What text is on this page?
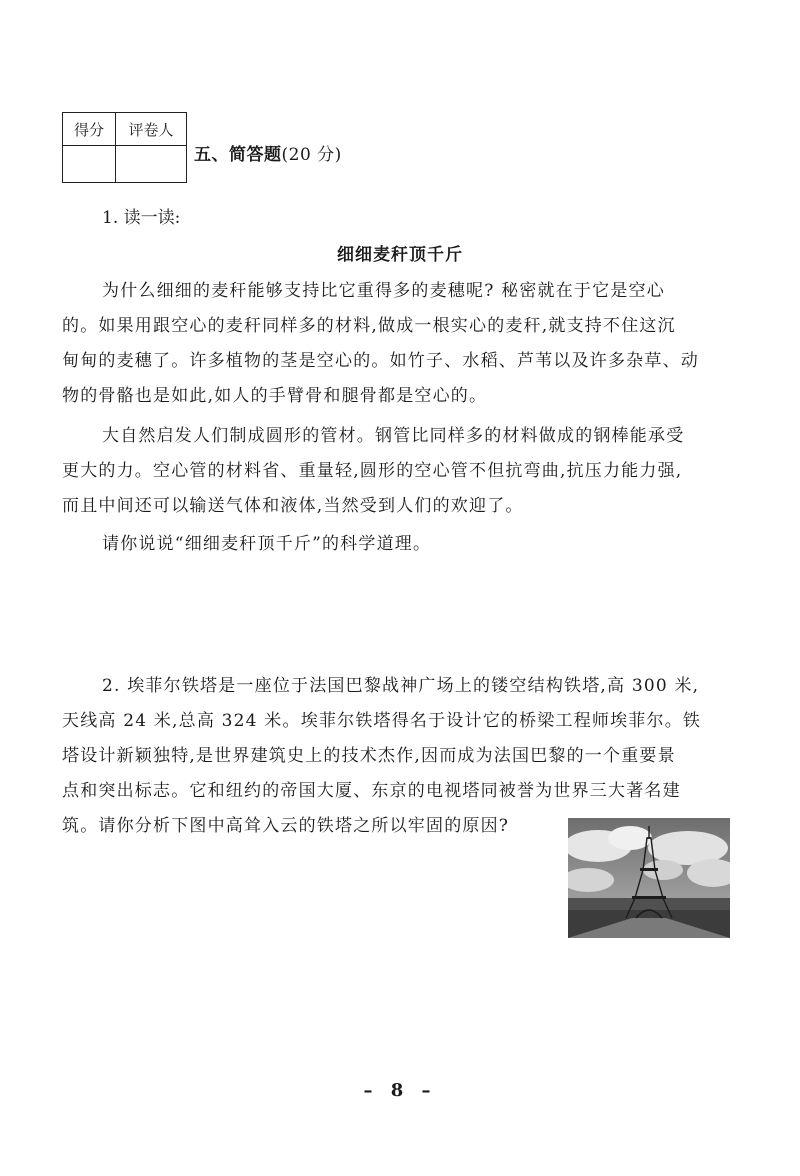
得分	评卷人

五、简答题(20 分)
1. 读一读:
细细麦秆顶千斤
为什么细细的麦秆能够支持比它重得多的麦穗呢? 秘密就在于它是空心
的。如果用跟空心的麦秆同样多的材料,做成一根实心的麦秆,就支持不住这沉
甸甸的麦穗了。许多植物的茎是空心的。如竹子、水稻、芦苇以及许多杂草、动
物的骨骼也是如此,如人的手臂骨和腿骨都是空心的。
大自然启发人们制成圆形的管材。钢管比同样多的材料做成的钢棒能承受
更大的力。空心管的材料省、重量轻,圆形的空心管不但抗弯曲,抗压力能力强,
而且中间还可以输送气体和液体,当然受到人们的欢迎了。
请你说说“细细麦秆顶千斤”的科学道理。
2. 埃菲尔铁塔是一座位于法国巴黎战神广场上的镂空结构铁塔,高 300 米,
天线高 24 米,总高 324 米。埃菲尔铁塔得名于设计它的桥梁工程师埃菲尔。铁
塔设计新颖独特,是世界建筑史上的技术杰作,因而成为法国巴黎的一个重要景
点和突出标志。它和纽约的帝国大厦、东京的电视塔同被誉为世界三大著名建
筑。请你分析下图中高耸入云的铁塔之所以牢固的原因?
– 8 –
